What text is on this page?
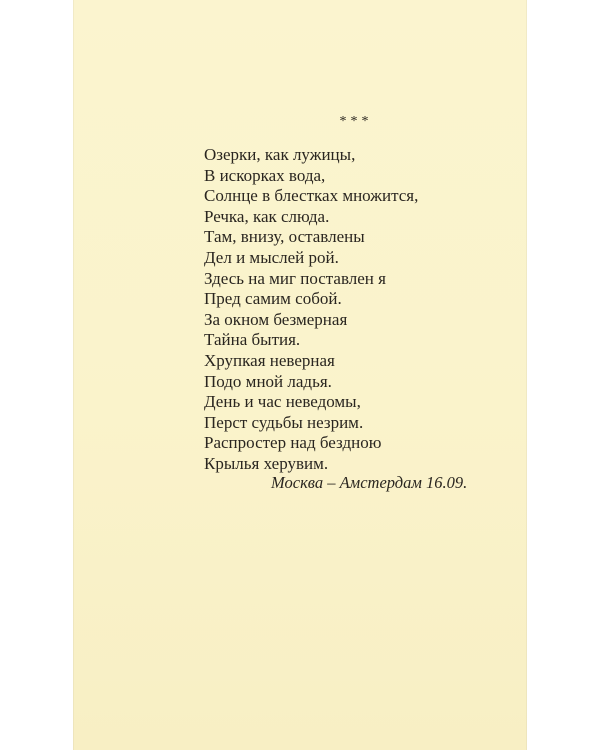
***
Озерки, как лужицы,
В искорках вода,
Солнце в блестках множится,
Речка, как слюда.
Там, внизу, оставлены
Дел и мыслей рой.
Здесь на миг поставлен я
Пред самим собой.
За окном безмерная
Тайна бытия.
Хрупкая неверная
Подо мной ладья.
День и час неведомы,
Перст судьбы незрим.
Распростер над бездною
Крылья херувим.
Москва – Амстердам 16.09.
